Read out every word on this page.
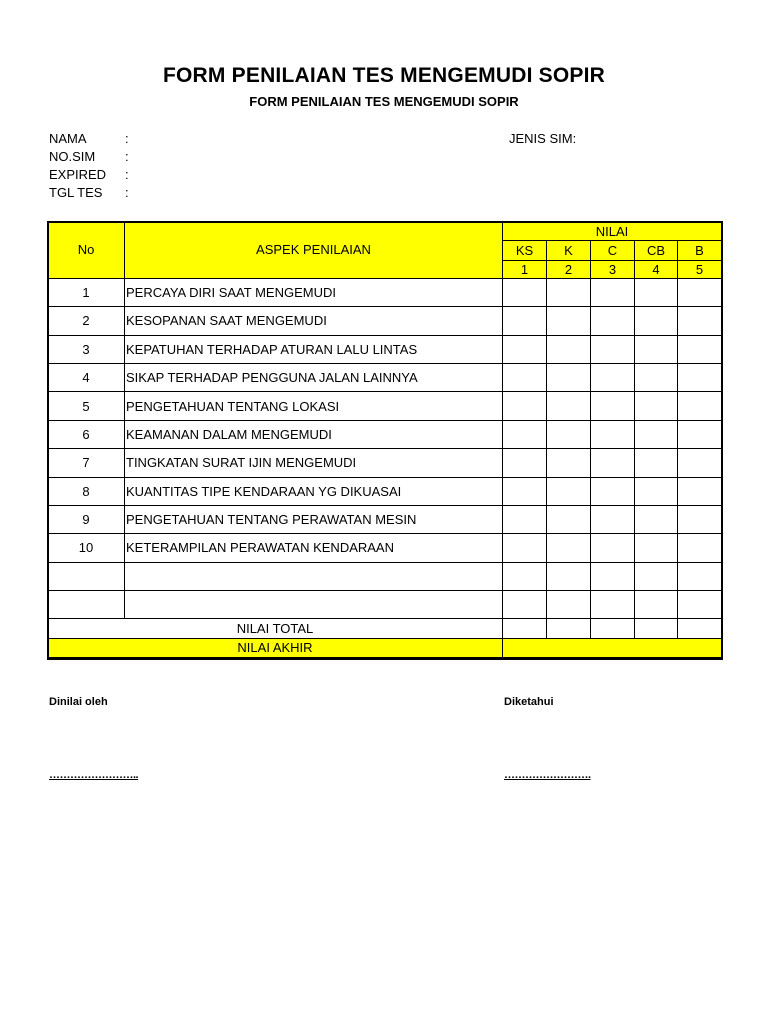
FORM PENILAIAN TES MENGEMUDI SOPIR
FORM PENILAIAN TES MENGEMUDI SOPIR
NAMA	:
NO.SIM :
EXPIRED :
TGL TES :
JENIS SIM:
No	ASPEK PENILAIAN	NILAI				
		KS	K	C	CB	B
		1	2	3	4	5
1	PERCAYA DIRI SAAT MENGEMUDI					
2	KESOPANAN SAAT MENGEMUDI					
3	KEPATUHAN TERHADAP ATURAN LALU LINTAS					
4	SIKAP TERHADAP PENGGUNA JALAN LAINNYA					
5	PENGETAHUAN TENTANG LOKASI					
6	KEAMANAN DALAM MENGEMUDI					
7	TINGKATAN SURAT IJIN MENGEMUDI					
8	KUANTITAS TIPE KENDARAAN YG DIKUASAI					
9	PENGETAHUAN TENTANG PERAWATAN MESIN					
10	KETERAMPILAN PERAWATAN KENDARAAN					

NILAI TOTAL						
NILAI AKHIR						
Dinilai oleh	Diketahui
……………………..	…………………….
